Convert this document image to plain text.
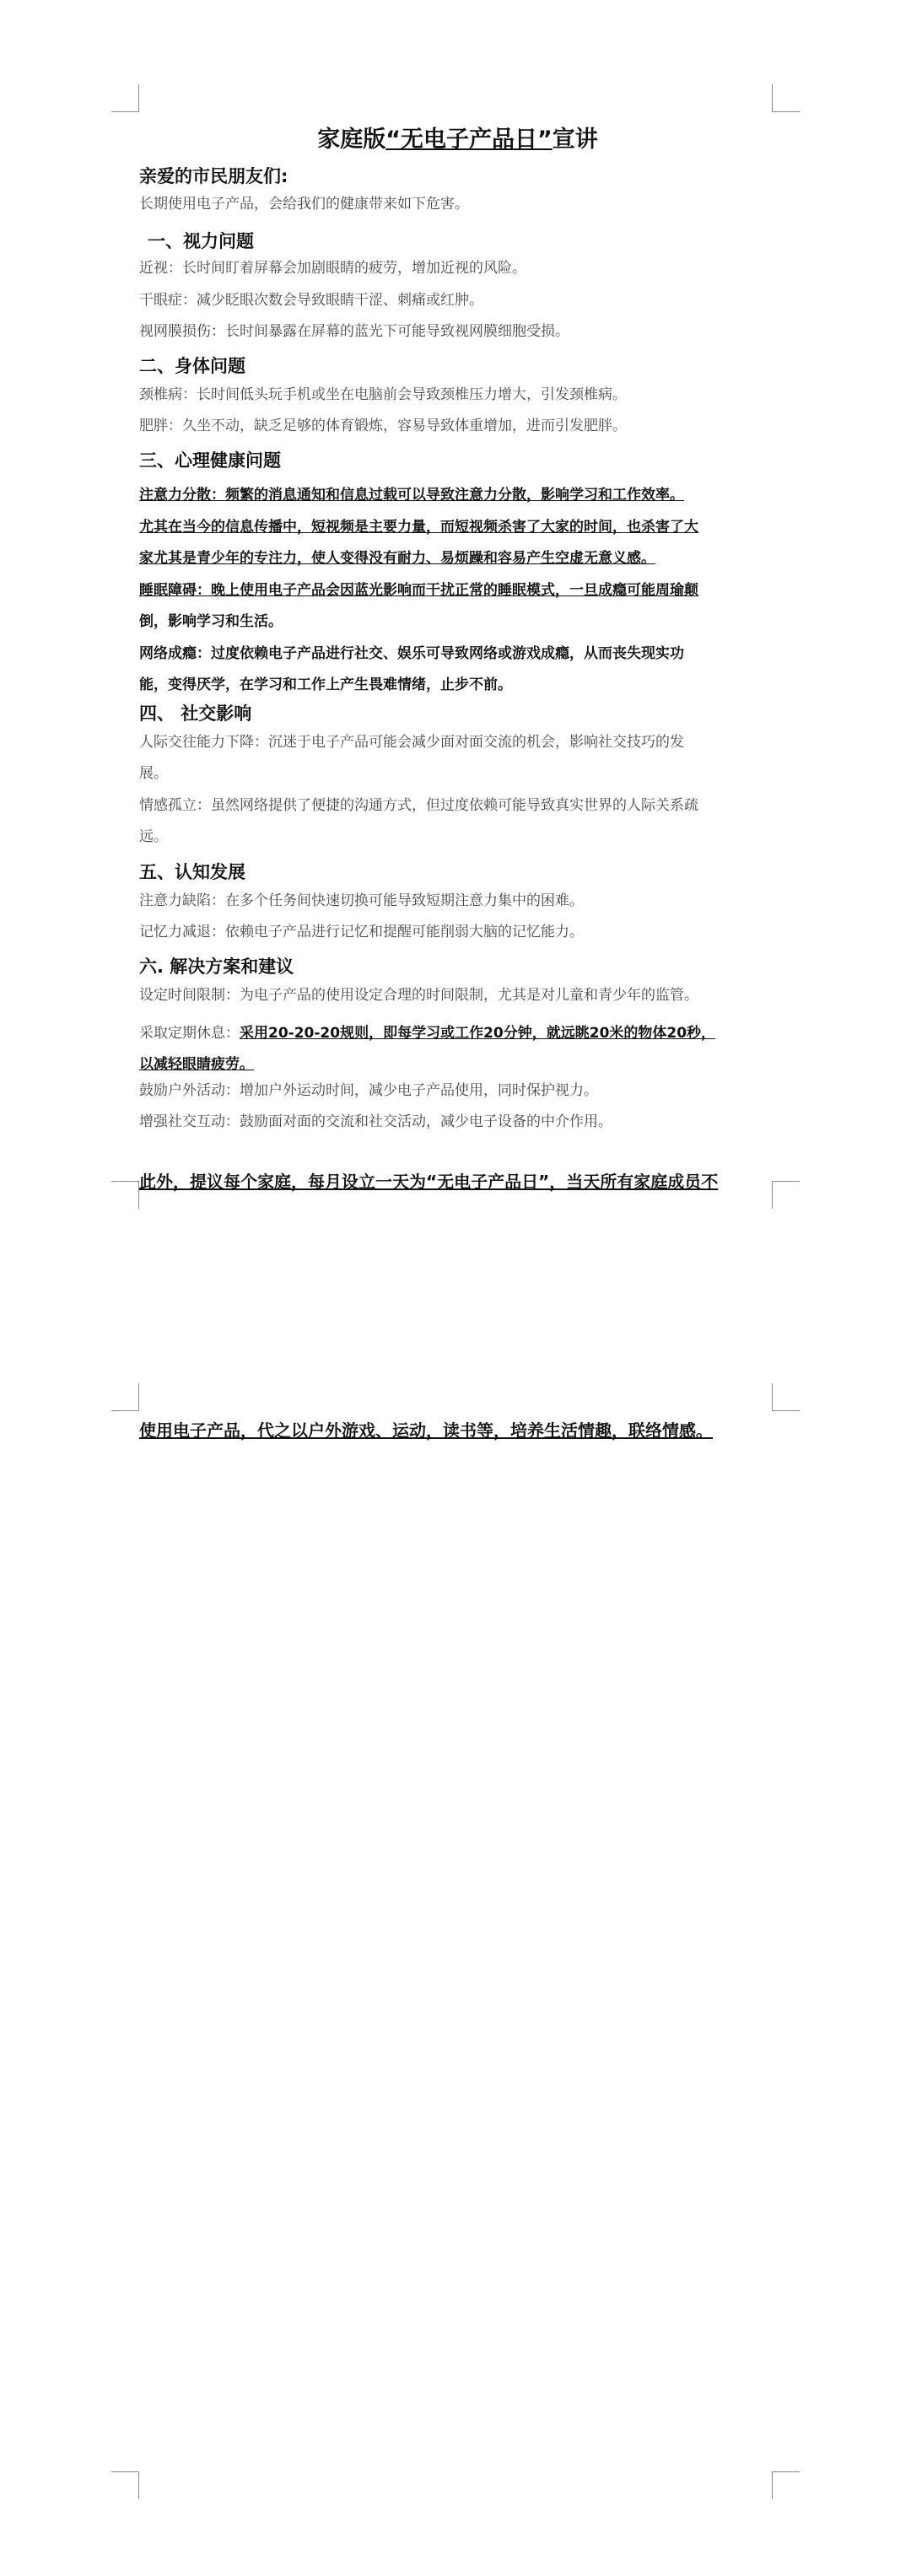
家庭版“无电子产品日”宣讲
亲爱的市民朋友们:
长期使用电子产品，会给我们的健康带来如下危害。
一、视力问题
近视：长时间盯着屏幕会加剧眼睛的疲劳，增加近视的风险。
干眼症：减少眨眼次数会导致眼睛干涩、刺痛或红肿。
视网膜损伤：长时间暴露在屏幕的蓝光下可能导致视网膜细胞受损。
二、身体问题
颈椎病：长时间低头玩手机或坐在电脑前会导致颈椎压力增大，引发颈椎病。
肥胖：久坐不动，缺乏足够的体育锻炼，容易导致体重增加，进而引发肥胖。
三、心理健康问题
注意力分散：频繁的消息通知和信息过载可以导致注意力分散，影响学习和工作效率。
尤其在当今的信息传播中，短视频是主要力量，而短视频杀害了大家的时间，也杀害了大
家尤其是青少年的专注力，使人变得没有耐力、易烦躁和容易产生空虚无意义感。
睡眠障碍：晚上使用电子产品会因蓝光影响而干扰正常的睡眠模式，一旦成瘾可能周瑜颠
倒，影响学习和生活。
网络成瘾：过度依赖电子产品进行社交、娱乐可导致网络或游戏成瘾，从而丧失现实功
能，变得厌学，在学习和工作上产生畏难情绪，止步不前。
四、 社交影响
人际交往能力下降：沉迷于电子产品可能会减少面对面交流的机会，影响社交技巧的发
展。
情感孤立：虽然网络提供了便捷的沟通方式，但过度依赖可能导致真实世界的人际关系疏
远。
五、认知发展
注意力缺陷：在多个任务间快速切换可能导致短期注意力集中的困难。
记忆力减退：依赖电子产品进行记忆和提醒可能削弱大脑的记忆能力。
六. 解决方案和建议
设定时间限制：为电子产品的使用设定合理的时间限制，尤其是对儿童和青少年的监管。
采取定期休息：采用20-20-20规则，即每学习或工作20分钟，就远眺20米的物体20秒，
以减轻眼睛疲劳。
鼓励户外活动：增加户外运动时间，减少电子产品使用，同时保护视力。
增强社交互动：鼓励面对面的交流和社交活动，减少电子设备的中介作用。
此外，提议每个家庭，每月设立一天为“无电子产品日”，当天所有家庭成员不
使用电子产品，代之以户外游戏、运动，读书等，培养生活情趣，联络情感。
